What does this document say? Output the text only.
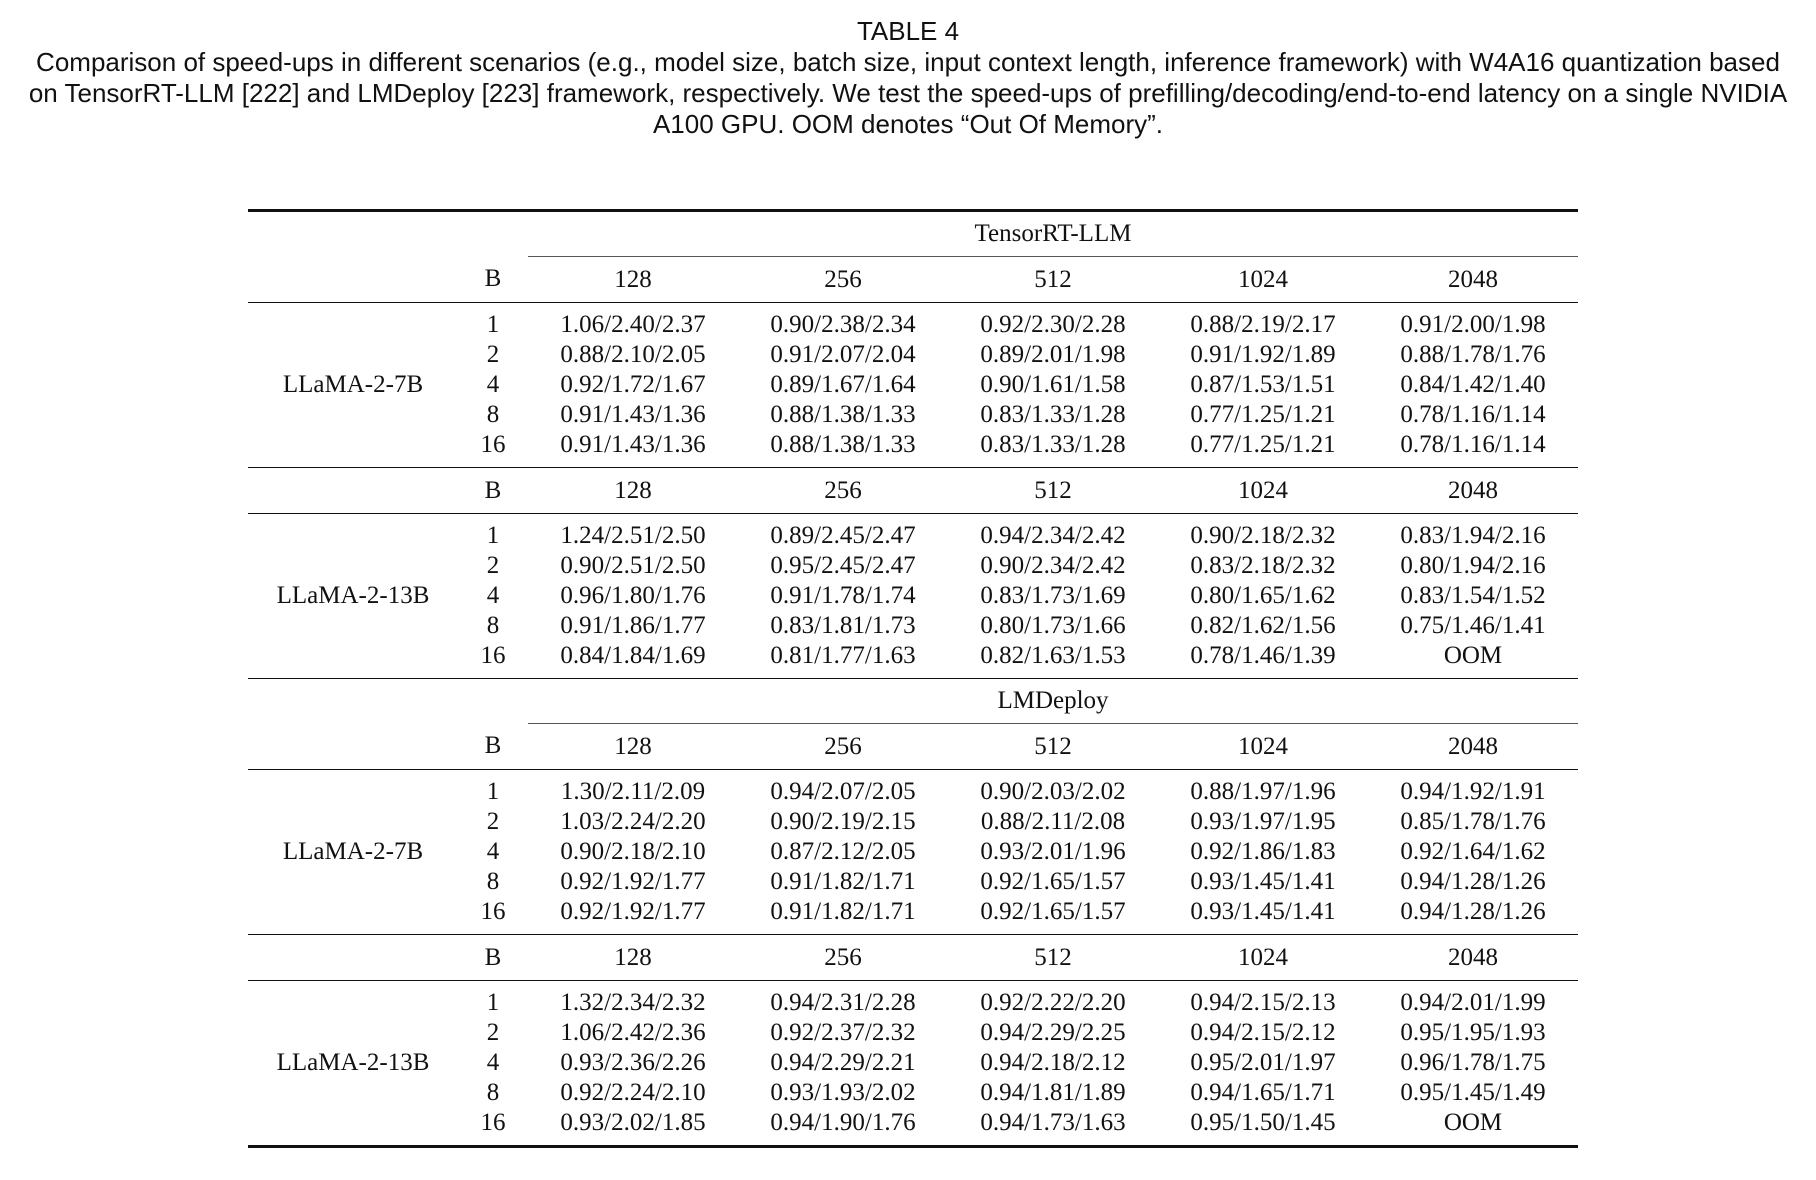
TABLE 4
Comparison of speed-ups in different scenarios (e.g., model size, batch size, input context length, inference framework) with W4A16 quantization based on TensorRT-LLM [222] and LMDeploy [223] framework, respectively. We test the speed-ups of prefilling/decoding/end-to-end latency on a single NVIDIA A100 GPU. OOM denotes “Out Of Memory”.

		TensorRT-LLM				
	B	128	256	512	1024	2048

LLaMA-2-7B	1	1.06/2.40/2.37	0.90/2.38/2.34	0.92/2.30/2.28	0.88/2.19/2.17	0.91/2.00/1.98
	2	0.88/2.10/2.05	0.91/2.07/2.04	0.89/2.01/1.98	0.91/1.92/1.89	0.88/1.78/1.76
	4	0.92/1.72/1.67	0.89/1.67/1.64	0.90/1.61/1.58	0.87/1.53/1.51	0.84/1.42/1.40
	8	0.91/1.43/1.36	0.88/1.38/1.33	0.83/1.33/1.28	0.77/1.25/1.21	0.78/1.16/1.14
	16	0.91/1.43/1.36	0.88/1.38/1.33	0.83/1.33/1.28	0.77/1.25/1.21	0.78/1.16/1.14

	B	128	256	512	1024	2048

LLaMA-2-13B	1	1.24/2.51/2.50	0.89/2.45/2.47	0.94/2.34/2.42	0.90/2.18/2.32	0.83/1.94/2.16
	2	0.90/2.51/2.50	0.95/2.45/2.47	0.90/2.34/2.42	0.83/2.18/2.32	0.80/1.94/2.16
	4	0.96/1.80/1.76	0.91/1.78/1.74	0.83/1.73/1.69	0.80/1.65/1.62	0.83/1.54/1.52
	8	0.91/1.86/1.77	0.83/1.81/1.73	0.80/1.73/1.66	0.82/1.62/1.56	0.75/1.46/1.41
	16	0.84/1.84/1.69	0.81/1.77/1.63	0.82/1.63/1.53	0.78/1.46/1.39	OOM

		LMDeploy				
	B	128	256	512	1024	2048

LLaMA-2-7B	1	1.30/2.11/2.09	0.94/2.07/2.05	0.90/2.03/2.02	0.88/1.97/1.96	0.94/1.92/1.91
	2	1.03/2.24/2.20	0.90/2.19/2.15	0.88/2.11/2.08	0.93/1.97/1.95	0.85/1.78/1.76
	4	0.90/2.18/2.10	0.87/2.12/2.05	0.93/2.01/1.96	0.92/1.86/1.83	0.92/1.64/1.62
	8	0.92/1.92/1.77	0.91/1.82/1.71	0.92/1.65/1.57	0.93/1.45/1.41	0.94/1.28/1.26
	16	0.92/1.92/1.77	0.91/1.82/1.71	0.92/1.65/1.57	0.93/1.45/1.41	0.94/1.28/1.26

	B	128	256	512	1024	2048

LLaMA-2-13B	1	1.32/2.34/2.32	0.94/2.31/2.28	0.92/2.22/2.20	0.94/2.15/2.13	0.94/2.01/1.99
	2	1.06/2.42/2.36	0.92/2.37/2.32	0.94/2.29/2.25	0.94/2.15/2.12	0.95/1.95/1.93
	4	0.93/2.36/2.26	0.94/2.29/2.21	0.94/2.18/2.12	0.95/2.01/1.97	0.96/1.78/1.75
	8	0.92/2.24/2.10	0.93/1.93/2.02	0.94/1.81/1.89	0.94/1.65/1.71	0.95/1.45/1.49
	16	0.93/2.02/1.85	0.94/1.90/1.76	0.94/1.73/1.63	0.95/1.50/1.45	OOM
